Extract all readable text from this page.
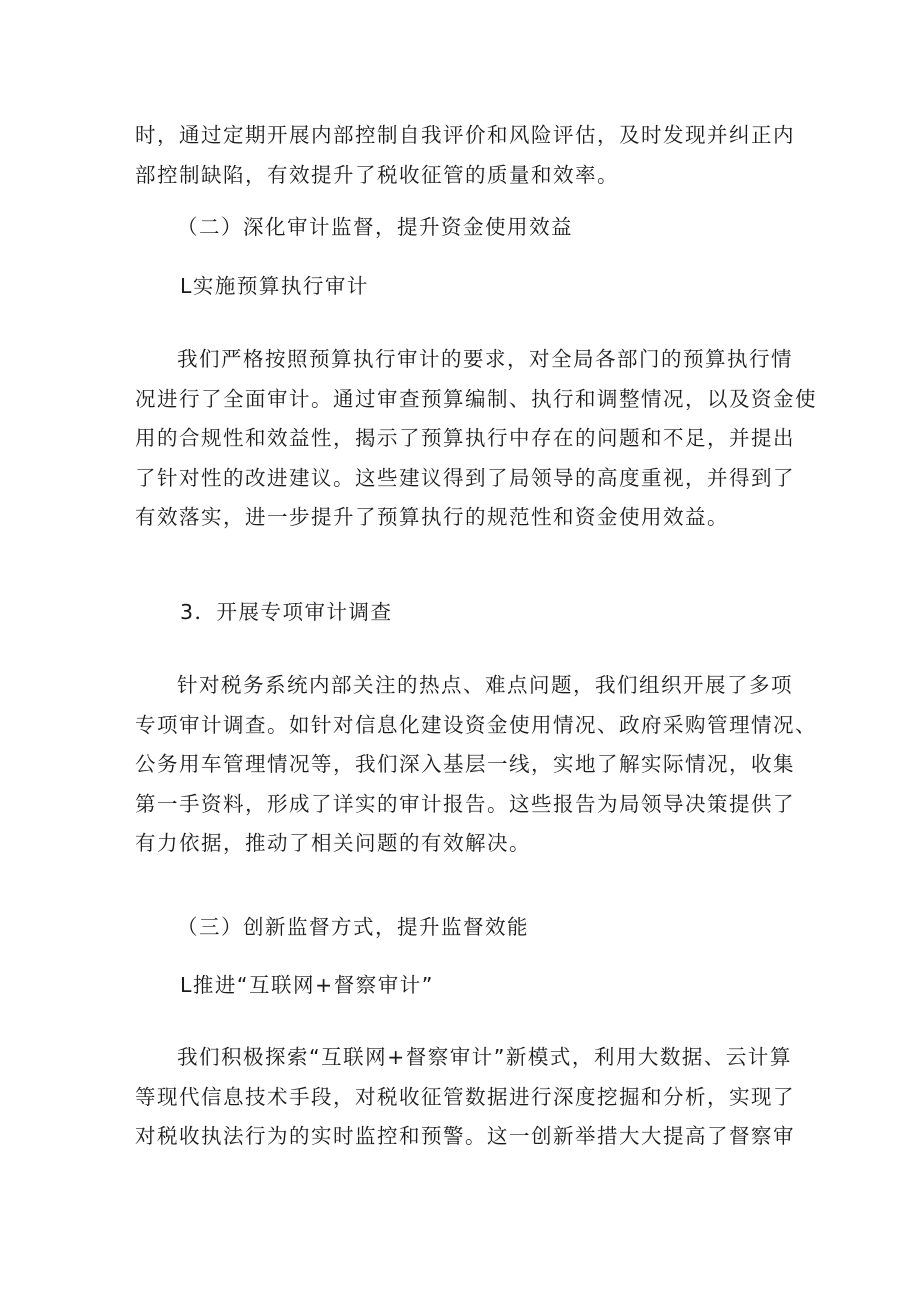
时，通过定期开展内部控制自我评价和风险评估，及时发现并纠正内
部控制缺陷，有效提升了税收征管的质量和效率。
（二）深化审计监督，提升资金使用效益
L实施预算执行审计
我们严格按照预算执行审计的要求，对全局各部门的预算执行情
况进行了全面审计。通过审查预算编制、执行和调整情况，以及资金使
用的合规性和效益性，揭示了预算执行中存在的问题和不足，并提出
了针对性的改进建议。这些建议得到了局领导的高度重视，并得到了
有效落实，进一步提升了预算执行的规范性和资金使用效益。
3．开展专项审计调查
针对税务系统内部关注的热点、难点问题，我们组织开展了多项
专项审计调查。如针对信息化建设资金使用情况、政府采购管理情况、
公务用车管理情况等，我们深入基层一线，实地了解实际情况，收集
第一手资料，形成了详实的审计报告。这些报告为局领导决策提供了
有力依据，推动了相关问题的有效解决。
（三）创新监督方式，提升监督效能
L推进“互联网+督察审计”
我们积极探索“互联网+督察审计”新模式，利用大数据、云计算
等现代信息技术手段，对税收征管数据进行深度挖掘和分析，实现了
对税收执法行为的实时监控和预警。这一创新举措大大提高了督察审
